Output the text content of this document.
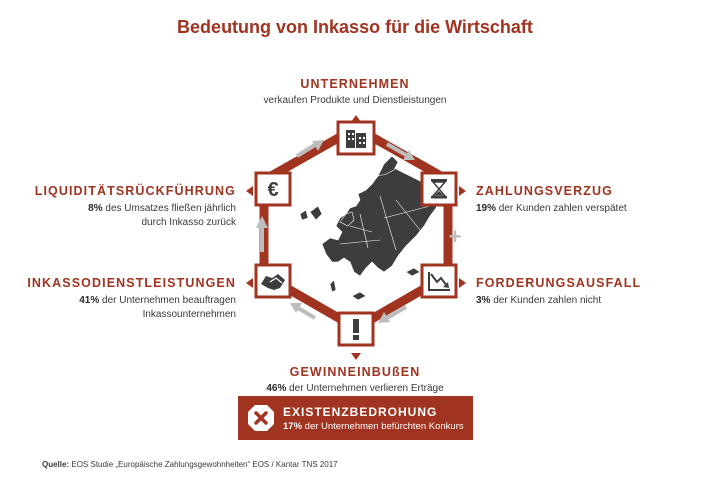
Bedeutung von Inkasso für die Wirtschaft
+
€
UNTERNEHMEN
verkaufen Produkte und Dienstleistungen
ZAHLUNGSVERZUG
19% der Kunden zahlen verspätet
FORDERUNGSAUSFALL
3% der Kunden zahlen nicht
GEWINNEINBUßEN
46% der Unternehmen verlieren Erträge
INKASSODIENSTLEISTUNGEN
41% der Unternehmen beauftragen
Inkassounternehmen
LIQUIDITÄTSRÜCKFÜHRUNG
8% des Umsatzes fließen jährlich
durch Inkasso zurück
EXISTENZBEDROHUNG
17% der Unternehmen befürchten Konkurs
Quelle: EOS Studie „Europäische Zahlungsgewohnheiten“ EOS / Kantar TNS 2017
